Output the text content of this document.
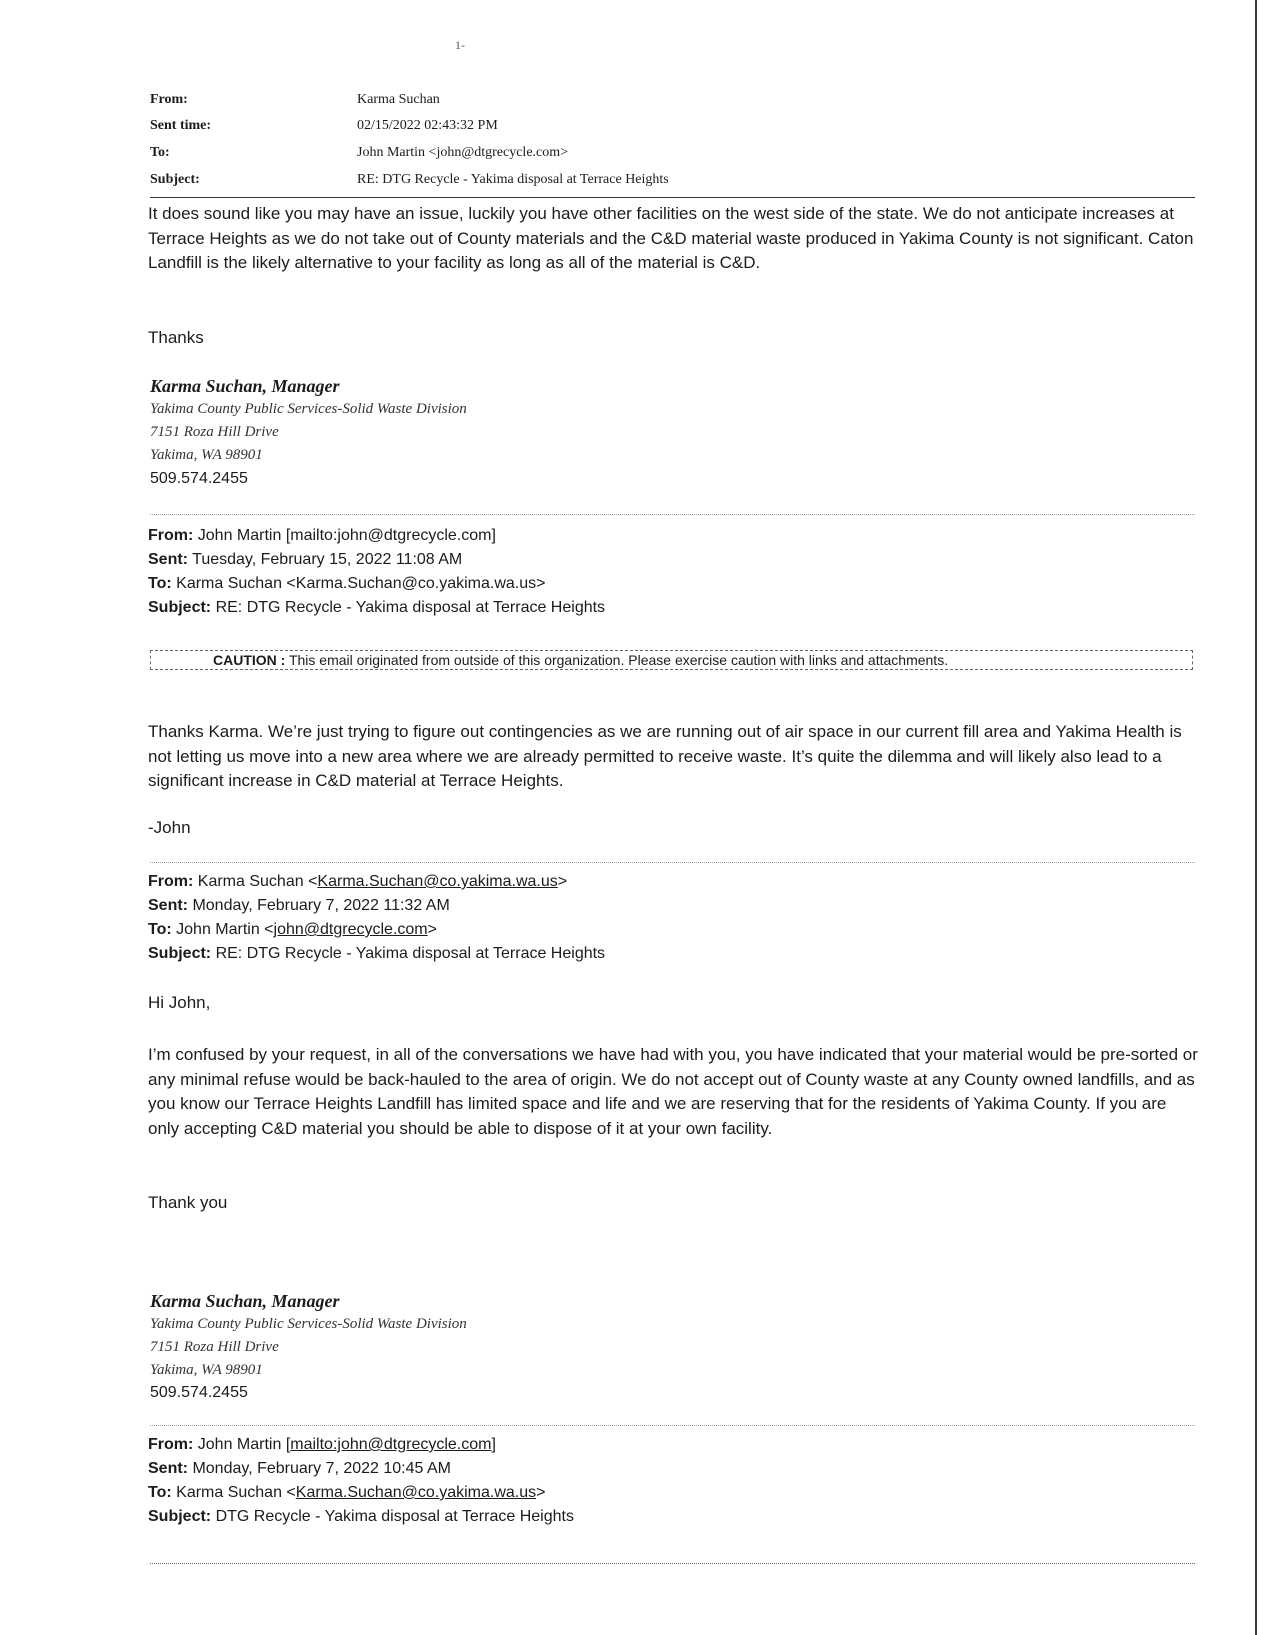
1-
From:	Karma Suchan
Sent time:	02/15/2022 02:43:32 PM
To:	John Martin <john@dtgrecycle.com>
Subject:	RE: DTG Recycle - Yakima disposal at Terrace Heights
It does sound like you may have an issue, luckily you have other facilities on the west side of the state. We do not anticipate increases at Terrace Heights as we do not take out of County materials and the C&D material waste produced in Yakima County is not significant. Caton Landfill is the likely alternative to your facility as long as all of the material is C&D.
Thanks
Karma Suchan, Manager
Yakima County Public Services-Solid Waste Division
7151 Roza Hill Drive
Yakima, WA 98901
509.574.2455
From: John Martin [mailto:john@dtgrecycle.com]
Sent: Tuesday, February 15, 2022 11:08 AM
To: Karma Suchan <Karma.Suchan@co.yakima.wa.us>
Subject: RE: DTG Recycle - Yakima disposal at Terrace Heights
CAUTION : This email originated from outside of this organization. Please exercise caution with links and attachments.
Thanks Karma. We’re just trying to figure out contingencies as we are running out of air space in our current fill area and Yakima Health is not letting us move into a new area where we are already permitted to receive waste. It’s quite the dilemma and will likely also lead to a significant increase in C&D material at Terrace Heights.
-John
From: Karma Suchan <Karma.Suchan@co.yakima.wa.us>
Sent: Monday, February 7, 2022 11:32 AM
To: John Martin <john@dtgrecycle.com>
Subject: RE: DTG Recycle - Yakima disposal at Terrace Heights
Hi John,
I’m confused by your request, in all of the conversations we have had with you, you have indicated that your material would be pre-sorted or any minimal refuse would be back-hauled to the area of origin. We do not accept out of County waste at any County owned landfills, and as you know our Terrace Heights Landfill has limited space and life and we are reserving that for the residents of Yakima County. If you are only accepting C&D material you should be able to dispose of it at your own facility.
Thank you
Karma Suchan, Manager
Yakima County Public Services-Solid Waste Division
7151 Roza Hill Drive
Yakima, WA 98901
509.574.2455
From: John Martin [mailto:john@dtgrecycle.com]
Sent: Monday, February 7, 2022 10:45 AM
To: Karma Suchan <Karma.Suchan@co.yakima.wa.us>
Subject: DTG Recycle - Yakima disposal at Terrace Heights
